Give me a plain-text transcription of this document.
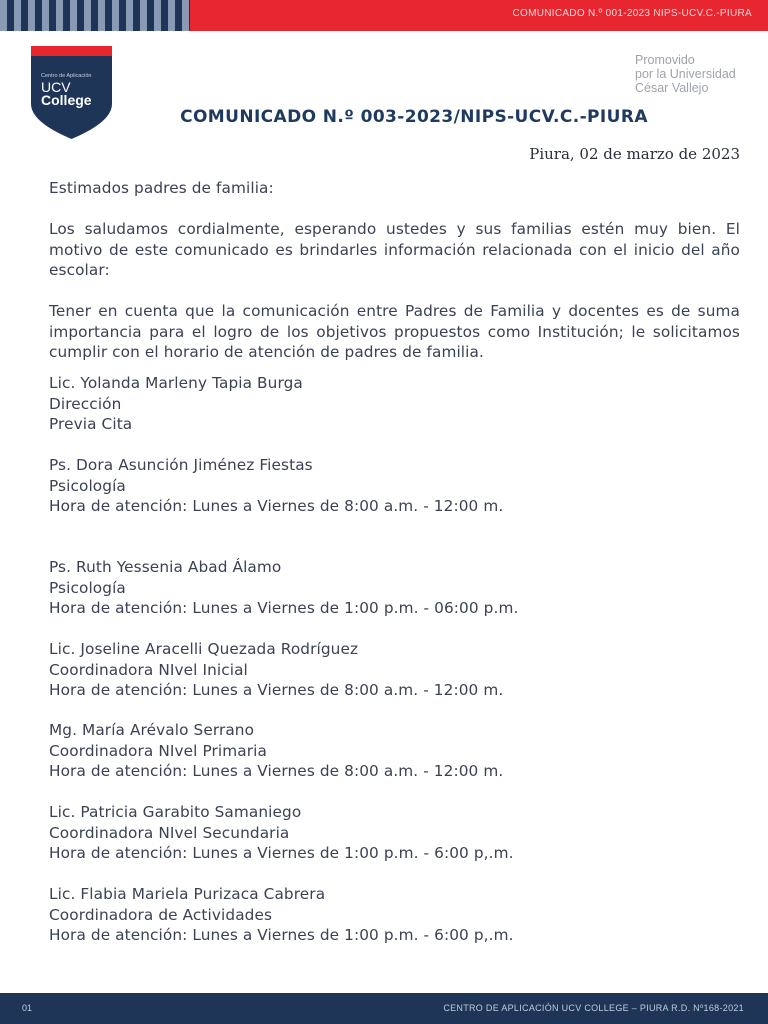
COMUNICADO N.º 001-2023 NIPS-UCV.C.-PIURA
Centro de Aplicación
UCV
College
Promovido
por la Universidad
César Vallejo
COMUNICADO N.º 003-2023/NIPS-UCV.C.-PIURA
Piura, 02 de marzo de 2023
Estimados padres de familia:
Los saludamos cordialmente, esperando ustedes y sus familias estén muy bien. El motivo de este comunicado es brindarles información relacionada con el inicio del año escolar:
Tener en cuenta que la comunicación entre Padres de Familia y docentes es de suma importancia para el logro de los objetivos propuestos como Institución; le solicitamos cumplir con el horario de atención de padres de familia.
Lic. Yolanda Marleny Tapia Burga
Dirección
Previa Cita
Ps. Dora Asunción Jiménez Fiestas
Psicología
Hora de atención: Lunes a Viernes de 8:00 a.m. - 12:00 m.
Ps. Ruth Yessenia Abad Álamo
Psicología
Hora de atención: Lunes a Viernes de 1:00 p.m. - 06:00 p.m.
Lic. Joseline Aracelli Quezada Rodríguez
Coordinadora NIvel Inicial
Hora de atención: Lunes a Viernes de 8:00 a.m. - 12:00 m.
Mg. María Arévalo Serrano
Coordinadora NIvel Primaria
Hora de atención: Lunes a Viernes de 8:00 a.m. - 12:00 m.
Lic. Patricia Garabito Samaniego
Coordinadora NIvel Secundaria
Hora de atención: Lunes a Viernes de 1:00 p.m. - 6:00 p,.m.
Lic. Flabia Mariela Purizaca Cabrera
Coordinadora de Actividades
Hora de atención: Lunes a Viernes de 1:00 p.m. - 6:00 p,.m.
01	CENTRO DE APLICACIÓN UCV COLLEGE – PIURA R.D. Nº168-2021
